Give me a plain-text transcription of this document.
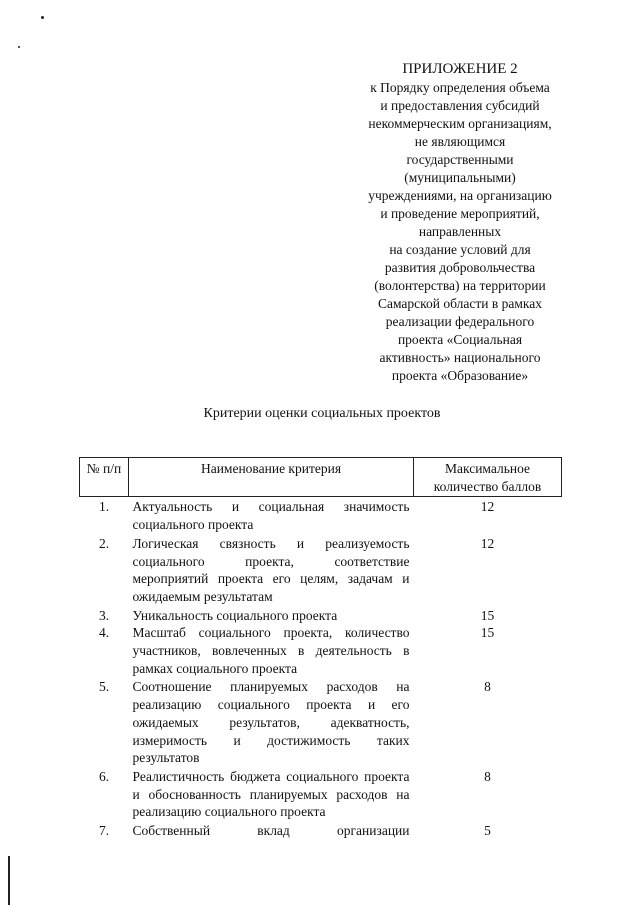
ПРИЛОЖЕНИЕ 2
к Порядку определения объема
и предоставления субсидий
некоммерческим организациям,
не являющимся
государственными
(муниципальными)
учреждениями, на организацию
и проведение мероприятий,
направленных
на создание условий для
развития добровольчества
(волонтерства) на территории
Самарской области в рамках
реализации федерального
проекта «Социальная
активность» национального
проекта «Образование»
Критерии оценки социальных проектов
№ п/п	Наименование критерия	Максимальное количество баллов
1.	Актуальность и социальная значимость социального проекта	12
2.	Логическая связность и реализуемость социального проекта, соответствие мероприятий проекта его целям, задачам и ожидаемым результатам	12
3.	Уникальность социального проекта	15
4.	Масштаб социального проекта, количество участников, вовлеченных в деятельность в рамках социального проекта	15
5.	Соотношение планируемых расходов на реализацию социального проекта и его ожидаемых результатов, адекватность, измеримость и достижимость таких результатов	8
6.	Реалистичность бюджета социального проекта и обоснованность планируемых расходов на реализацию социального проекта	8
7.	Собственный вклад организации	5
